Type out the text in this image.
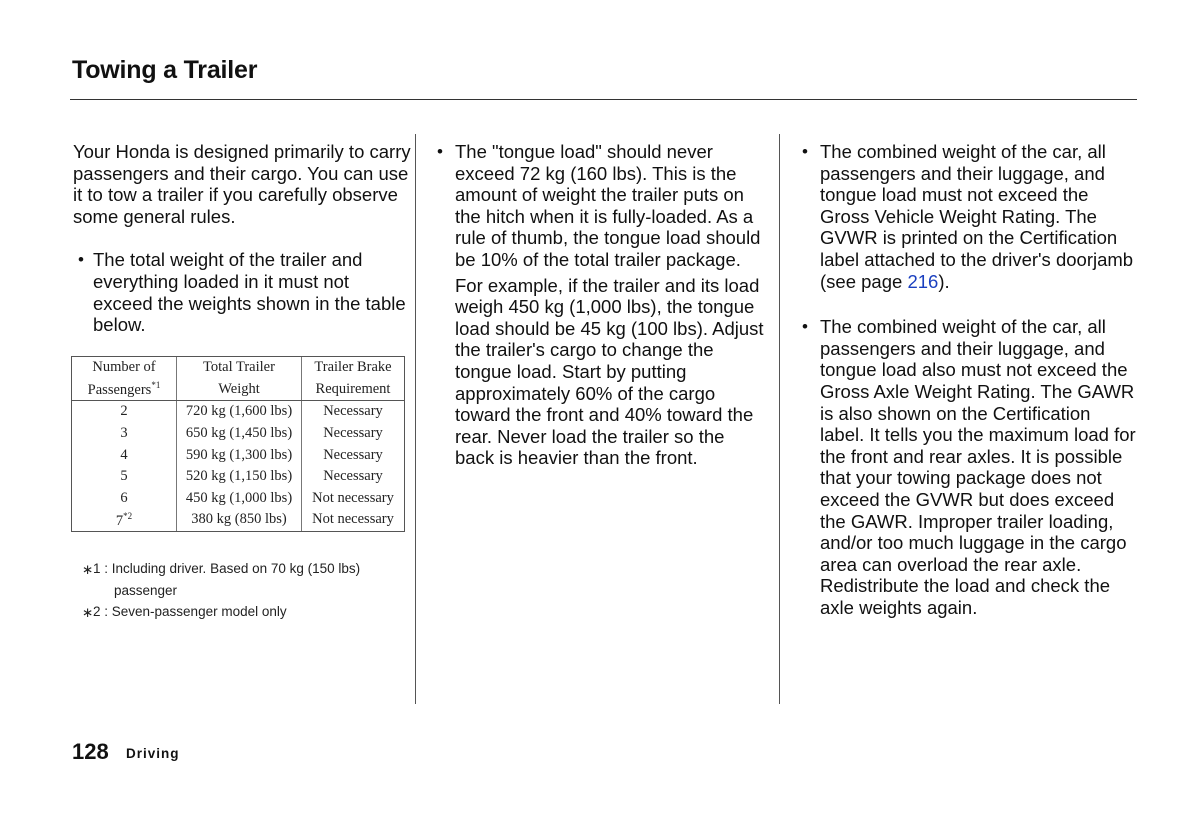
Towing a Trailer

Your Honda is designed primarily to carry passengers and their cargo. You can use it to tow a trailer if you carefully observe some general rules.

• The total weight of the trailer and everything loaded in it must not exceed the weights shown in the table below.
Number of	Total Trailer	Trailer Brake
Passengers$^{*1}$	Weight	Requirement
2	720 kg (1,600 lbs)	Necessary
3	650 kg (1,450 lbs)	Necessary
4	590 kg (1,300 lbs)	Necessary
5	520 kg (1,150 lbs)	Necessary
6	450 kg (1,000 lbs)	Not necessary
7$^{*2}$	380 kg (850 lbs)	Not necessary
∗ 1 : Including driver. Based on 70 kg (150 lbs)
passenger
∗ 2 : Seven-passenger model only
• The "tongue load" should never exceed 72 kg (160 lbs). This is the amount of weight the trailer puts on the hitch when it is fully-loaded. As a rule of thumb, the tongue load should be 10% of the total trailer package.

For example, if the trailer and its load weigh 450 kg (1,000 lbs), the tongue load should be 45 kg (100 lbs). Adjust the trailer's cargo to change the tongue load. Start by putting approximately 60% of the cargo toward the front and 40% toward the rear. Never load the trailer so the back is heavier than the front.

• The combined weight of the car, all passengers and their luggage, and tongue load must not exceed the Gross Vehicle Weight Rating. The GVWR is printed on the Certification label attached to the driver's doorjamb (see page 216).
• The combined weight of the car, all passengers and their luggage, and tongue load also must not exceed the Gross Axle Weight Rating. The GAWR is also shown on the Certification label. It tells you the maximum load for the front and rear axles. It is possible that your towing package does not exceed the GVWR but does exceed the GAWR. Improper trailer loading, and/or too much luggage in the cargo area can overload the rear axle. Redistribute the load and check the axle weights again.
128 Driving
